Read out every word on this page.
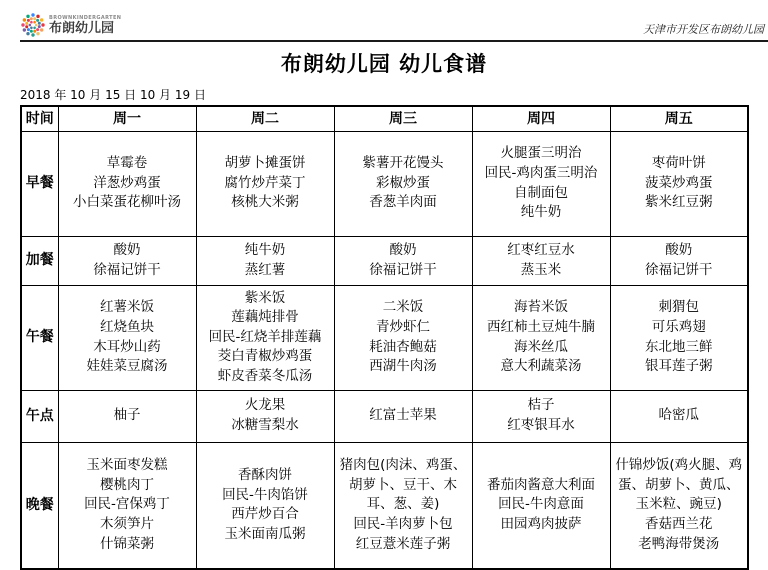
BROWNKINDERGARTEN
布朗幼儿园	天津市开发区布朗幼儿园
布朗幼儿园 幼儿食谱
2018 年 10 月 15 日 10 月 19 日
时间	周一	周二	周三	周四	周五
早餐	
草霉卷
洋葱炒鸡蛋
小白菜蛋花柳叶汤

胡萝卜摊蛋饼
腐竹炒芹菜丁
核桃大米粥

紫薯开花馒头
彩椒炒蛋
香葱羊肉面

火腿蛋三明治
回民-鸡肉蛋三明治
自制面包
纯牛奶

枣荷叶饼
菠菜炒鸡蛋
紫米红豆粥

加餐	
酸奶
徐福记饼干

纯牛奶
蒸红薯

酸奶
徐福记饼干

红枣红豆水
蒸玉米

酸奶
徐福记饼干

午餐	
红薯米饭
红烧鱼块
木耳炒山药
娃娃菜豆腐汤

紫米饭
莲藕炖排骨
回民-红烧羊排莲藕
茭白青椒炒鸡蛋
虾皮香菜冬瓜汤

二米饭
青炒虾仁
耗油杏鲍菇
西湖牛肉汤

海苔米饭
西红柿土豆炖牛腩
海米丝瓜
意大利蔬菜汤

刺猬包
可乐鸡翅
东北地三鲜
银耳莲子粥

午点	柚子

火龙果
冰糖雪梨水

红富士苹果

桔子
红枣银耳水

哈密瓜

晚餐	
玉米面枣发糕
樱桃肉丁
回民-宫保鸡丁
木须笋片
什锦菜粥

香酥肉饼
回民-牛肉馅饼
西芹炒百合
玉米面南瓜粥

猪肉包(肉沫、鸡蛋、胡萝卜、豆干、木耳、葱、姜)
回民-羊肉萝卜包
红豆薏米莲子粥

番茄肉酱意大利面
回民-牛肉意面
田园鸡肉披萨

什锦炒饭(鸡火腿、鸡蛋、胡萝卜、黄瓜、玉米粒、豌豆)
香菇西兰花
老鸭海带煲汤
